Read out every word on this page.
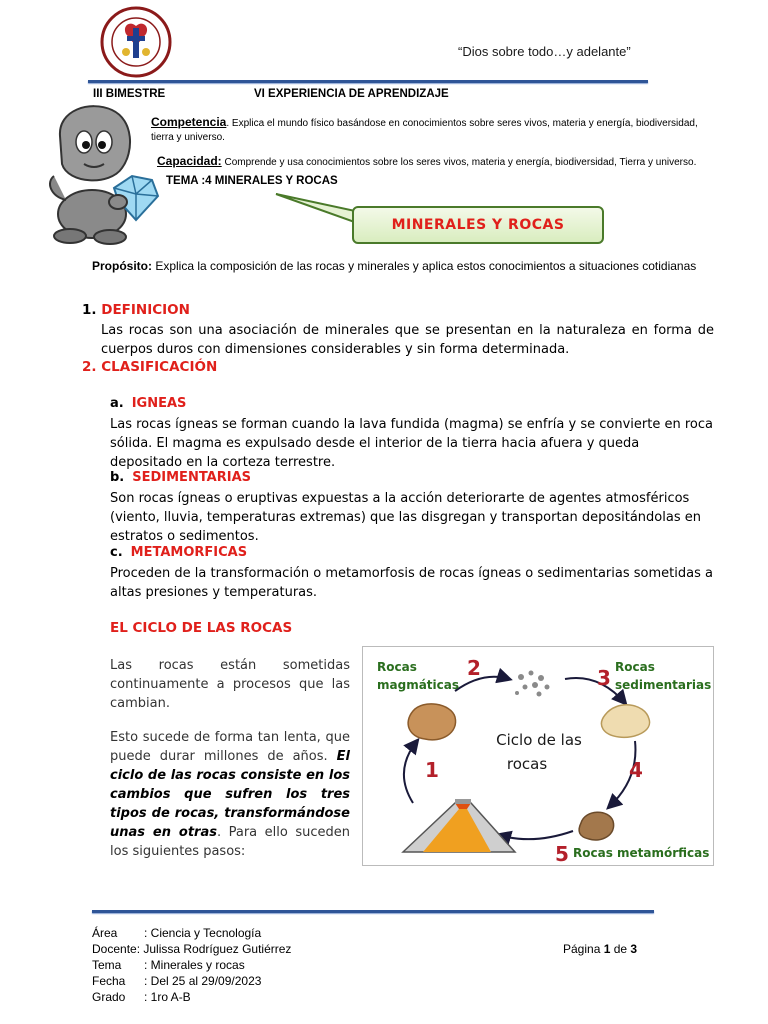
“Dios sobre todo…y adelante”
III BIMESTRE	VI EXPERIENCIA DE APRENDIZAJE
Competencia. Explica el mundo físico basándose en conocimientos sobre seres vivos, materia y energía, biodiversidad, tierra y universo.
Capacidad: Comprende y usa conocimientos sobre los seres vivos, materia y energía, biodiversidad, Tierra y universo.
TEMA :4 MINERALES Y ROCAS
MINERALES Y ROCAS
Propósito: Explica la composición de las rocas y minerales y aplica estos conocimientos a situaciones cotidianas
1. DEFINICION
Las rocas son una asociación de minerales que se presentan en la naturaleza en forma de cuerpos duros con dimensiones considerables y sin forma determinada.
2. CLASIFICACIÓN
a. IGNEAS
Las rocas ígneas se forman cuando la lava fundida (magma) se enfría y se convierte en roca sólida. El magma es expulsado desde el interior de la tierra hacia afuera y queda depositado en la corteza terrestre.
b. SEDIMENTARIAS
Son rocas ígneas o eruptivas expuestas a la acción deteriorarte de agentes atmosféricos (viento, lluvia, temperaturas extremas) que las disgregan y transportan depositándolas en estratos o sedimentos.
c. METAMORFICAS
Proceden de la transformación o metamorfosis de rocas ígneas o sedimentarias sometidas a altas presiones y temperaturas.
EL CICLO DE LAS ROCAS
Las rocas están sometidas continuamente a procesos que las cambian.
Esto sucede de forma tan lenta, que puede durar millones de años. El ciclo de las rocas consiste en los cambios que sufren los tres tipos de rocas, transformándose unas en otras. Para ello suceden los siguientes pasos:
Rocas
magmáticas
Rocas
sedimentarias
Rocas metamórficas
Ciclo de las
rocas
2	3
4
5
1
Área : Ciencia y Tecnología
Docente: Julissa Rodríguez Gutiérrez
Tema : Minerales y rocas
Fecha : Del 25 al 29/09/2023
Grado : 1ro A-B
Página 1 de 3
